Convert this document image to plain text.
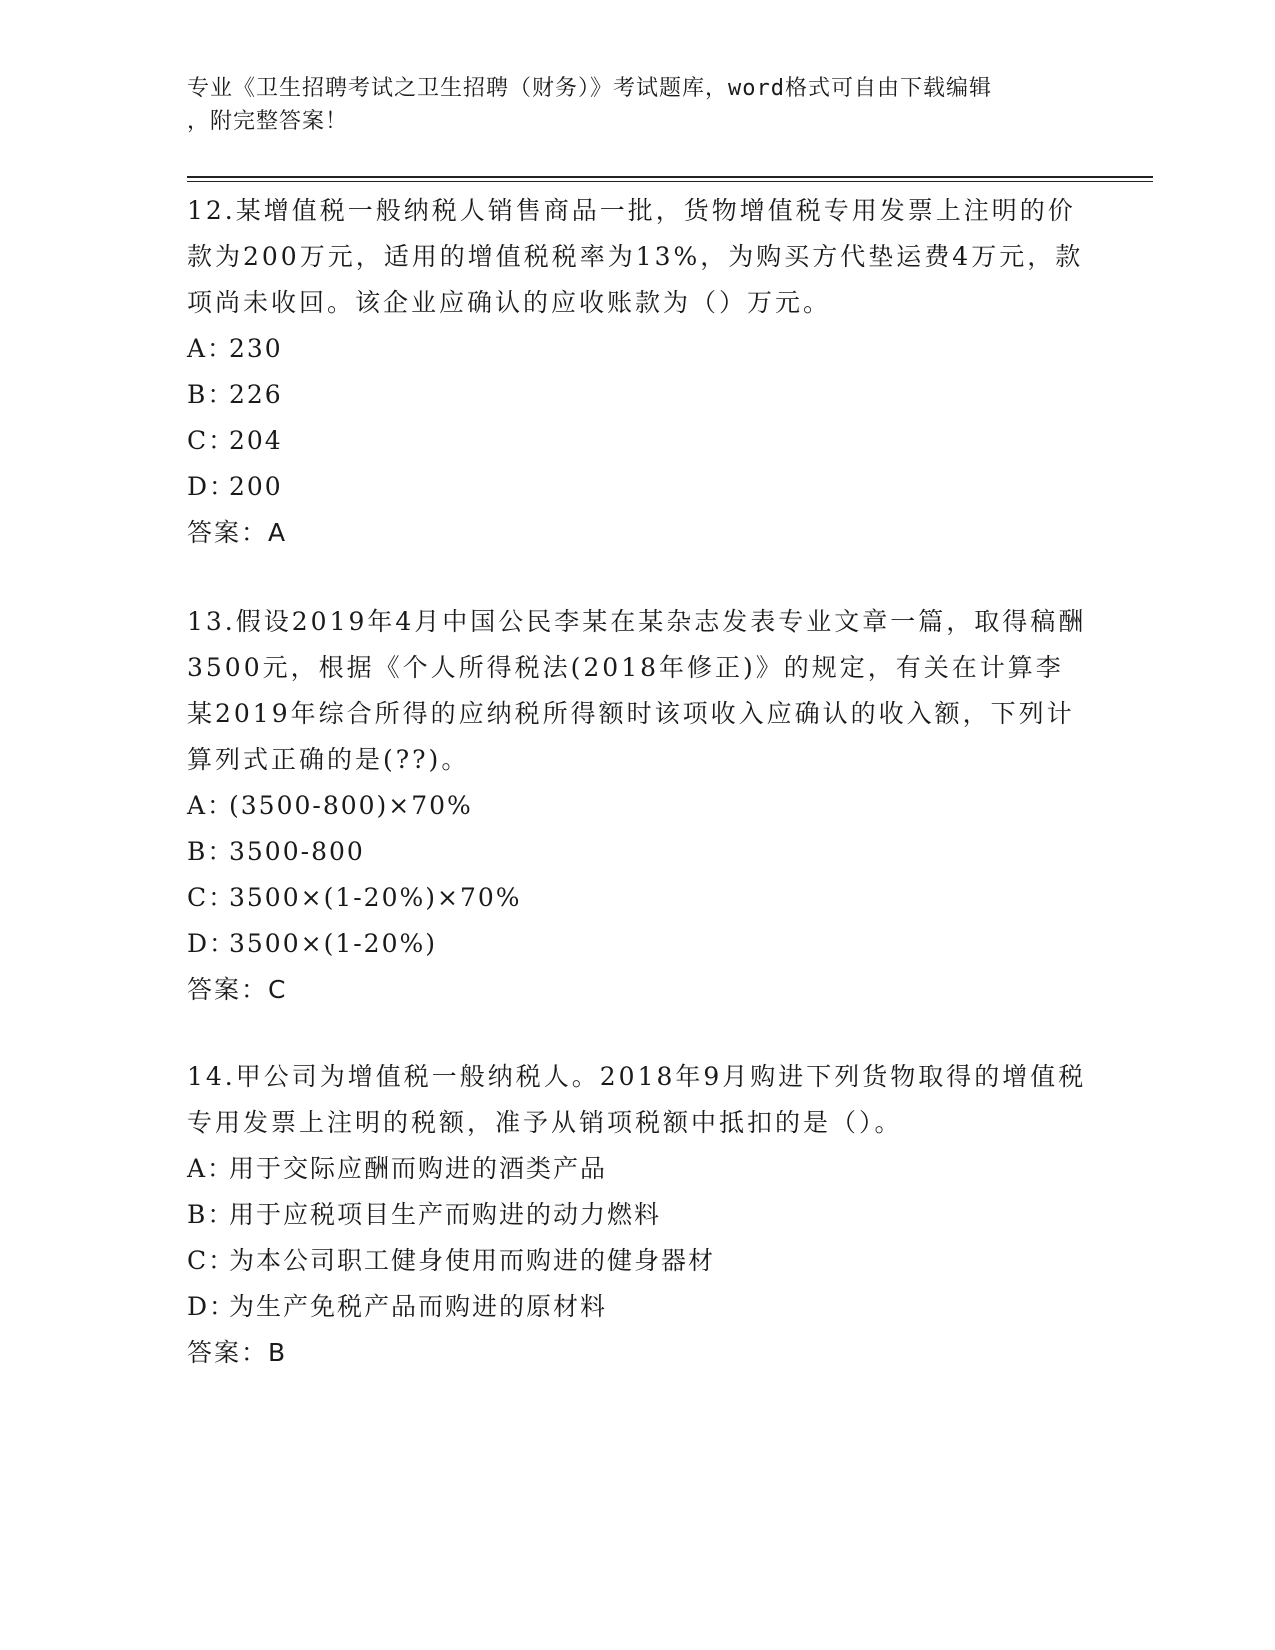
专业《卫生招聘考试之卫生招聘（财务）》考试题库，word格式可自由下载编辑
，附完整答案！

12.某增值税一般纳税人销售商品一批，货物增值税专用发票上注明的价款为200万元，适用的增值税税率为13%，为购买方代垫运费4万元，款项尚未收回。该企业应确认的应收账款为（）万元。

A：230

B：226

C：204

D：200

答案：A

13.假设2019年4月中国公民李某在某杂志发表专业文章一篇，取得稿酬3500元，根据《个人所得税法(2018年修正)》的规定，有关在计算李某2019年综合所得的应纳税所得额时该项收入应确认的收入额，下列计算列式正确的是(??)。

A：(3500-800)×70%

B：3500-800

C：3500×(1-20%)×70%

D：3500×(1-20%)

答案：C

14.甲公司为增值税一般纳税人。2018年9月购进下列货物取得的增值税专用发票上注明的税额，准予从销项税额中抵扣的是（）。

A：用于交际应酬而购进的酒类产品

B：用于应税项目生产而购进的动力燃料

C：为本公司职工健身使用而购进的健身器材

D：为生产免税产品而购进的原材料

答案：B
